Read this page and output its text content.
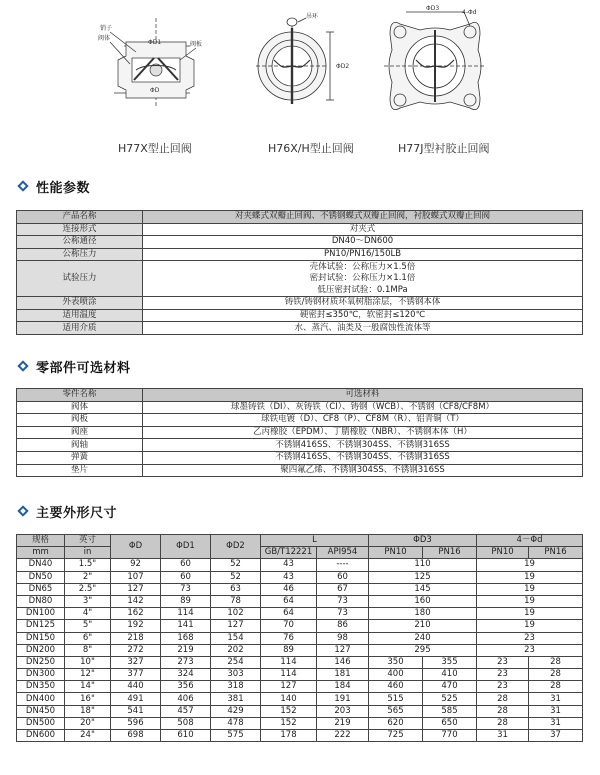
销子
阀体
阀板
ΦD1
ΦD
吊环
ΦD2
4-Φd
ΦD3
H77X型止回阀	H76X/H型止回阀	H77J型衬胶止回阀
性能参数
产品名称	对夹蝶式双瓣止回阀、不锈钢蝶式双瓣止回阀，衬胶蝶式双瓣止回阀
连接形式	对夹式
公称通径	DN40～DN600
公称压力	PN10/PN16/150LB
试验压力	壳体试验：公称压力×1.5倍
	密封试验：公称压力×1.1倍
	低压密封试验：0.1MPa
外表喷涂	铸铁/铸钢材质环氧树脂涂层，不锈钢本体
适用温度	硬密封≤350℃，软密封≤120℃
适用介质	水、蒸汽、油类及一般腐蚀性流体等
零部件可选材料
零件名称	可选材料
阀体	球墨铸铁（DI）、灰铸铁（CI）、铸钢（WCB）、不锈钢（CF8/CF8M）
阀板	球铁电镀（D）、CF8（P）、CF8M（R）、铝青铜（T）
阀座	乙丙橡胶（EPDM）、丁腈橡胶（NBR）、不锈钢本体（H）
阀轴	不锈钢416SS、不锈钢304SS、不锈钢316SS
弹簧	不锈钢416SS、不锈钢304SS、不锈钢316SS
垫片	聚四氟乙烯、不锈钢304SS、不锈钢316SS
主要外形尺寸
规格	英寸	ΦD	ΦD1	ΦD2	L		ΦD3		4－Φd	
mm	in				GB/T12221	API954	PN10	PN16	PN10	PN16
DN40	1.5"	92	60	52	43	----	110		19	
DN50	2"	107	60	52	43	60	125		19	
DN65	2.5"	127	73	63	46	67	145		19	
DN80	3"	142	89	78	64	73	160		19	
DN100	4"	162	114	102	64	73	180		19	
DN125	5"	192	141	127	70	86	210		19	
DN150	6"	218	168	154	76	98	240		23	
DN200	8"	272	219	202	89	127	295		23	
DN250	10"	327	273	254	114	146	350	355	23	28
DN300	12"	377	324	303	114	181	400	410	23	28
DN350	14"	440	356	318	127	184	460	470	23	28
DN400	16"	491	406	381	140	191	515	525	28	31
DN450	18"	541	457	429	152	203	565	585	28	31
DN500	20"	596	508	478	152	219	620	650	28	31
DN600	24"	698	610	575	178	222	725	770	31	37
